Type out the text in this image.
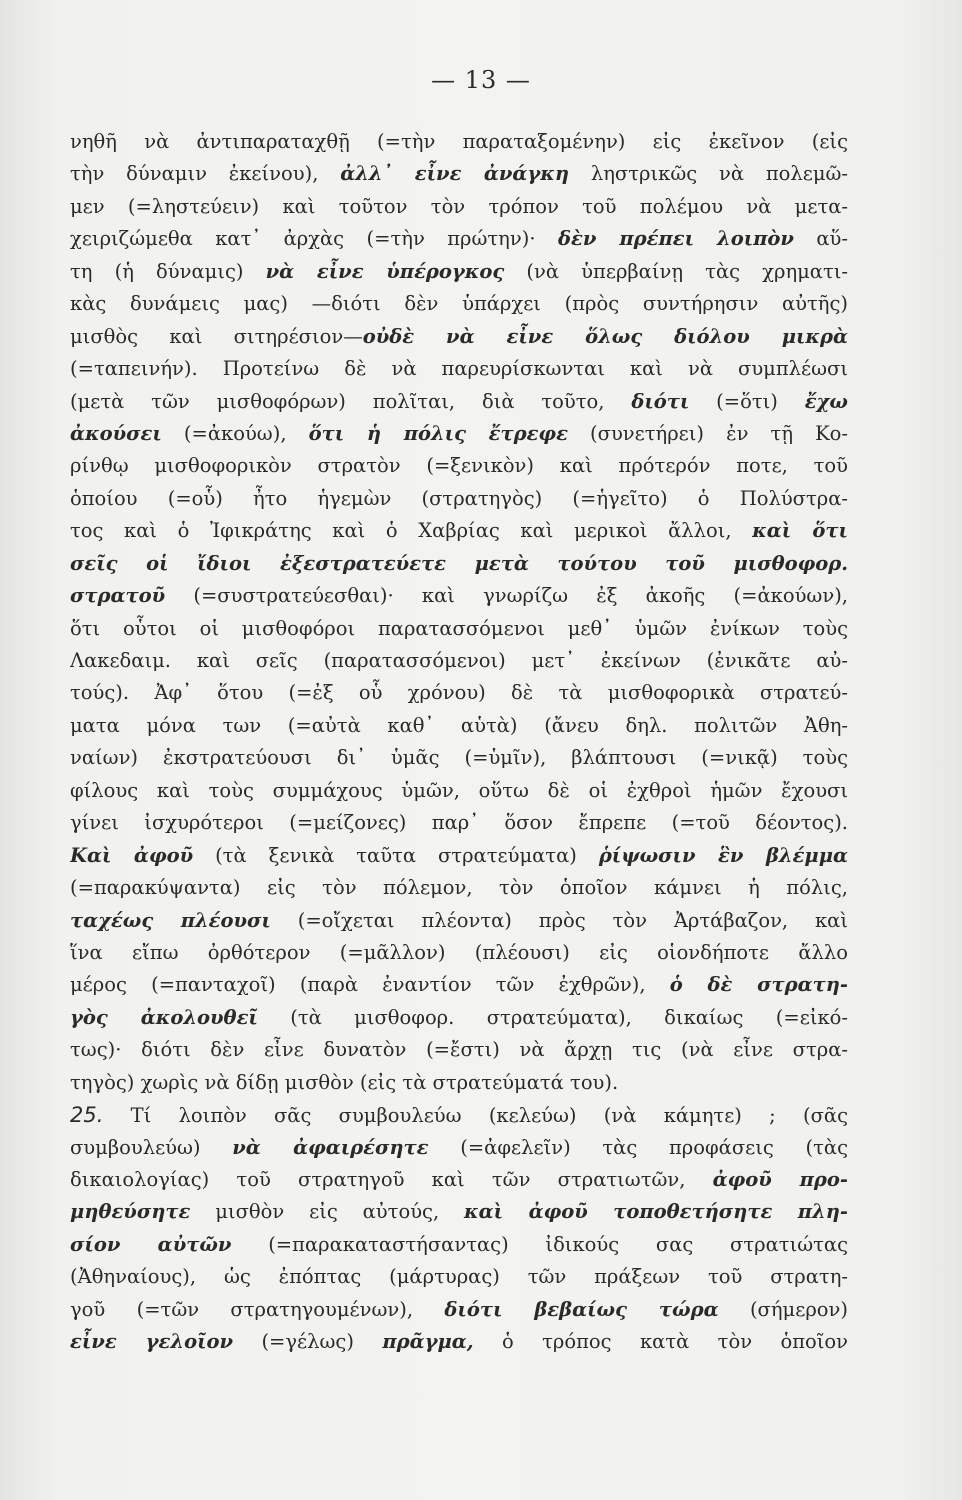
— 13 —
νηθῆ νὰ ἀντιπαραταχθῇ (=τὴν παραταξομένην) εἰς ἐκεῖνον (εἰς
τὴν δύναμιν ἐκείνου), ἀλλ᾽ εἶνε ἀνάγκη ληστρικῶς νὰ πολεμῶ-
μεν (=ληστεύειν) καὶ τοῦτον τὸν τρόπον τοῦ πολέμου νὰ μετα-
χειριζώμεθα κατ᾽ ἀρχὰς (=τὴν πρώτην)· δὲν πρέπει λοιπὸν αὕ-
τη (ἡ δύναμις) νὰ εἶνε ὑπέρογκος (νὰ ὑπερβαίνῃ τὰς χρηματι-
κὰς δυνάμεις μας) —διότι δὲν ὑπάρχει (πρὸς συντήρησιν αὐτῆς)
μισθὸς καὶ σιτηρέσιον—οὐδὲ νὰ εἶνε ὅλως διόλου μικρὰ
(=ταπεινήν). Προτείνω δὲ νὰ παρευρίσκωνται καὶ νὰ συμπλέωσι
(μετὰ τῶν μισθοφόρων) πολῖται, διὰ τοῦτο, διότι (=ὅτι) ἔχω
ἀκούσει (=ἀκούω), ὅτι ἡ πόλις ἔτρεφε (συνετήρει) ἐν τῇ Κο-
ρίνθῳ μισθοφορικὸν στρατὸν (=ξενικὸν) καὶ πρότερόν ποτε, τοῦ
ὁποίου (=οὗ) ἦτο ἡγεμὼν (στρατηγὸς) (=ἡγεῖτο) ὁ Πολύστρα-
τος καὶ ὁ Ἰφικράτης καὶ ὁ Χαβρίας καὶ μερικοὶ ἄλλοι, καὶ ὅτι
σεῖς οἱ ἴδιοι ἐξεστρατεύετε μετὰ τούτου τοῦ μισθοφορ.
στρατοῦ (=συστρατεύεσθαι)· καὶ γνωρίζω ἐξ ἀκοῆς (=ἀκούων),
ὅτι οὗτοι οἱ μισθοφόροι παρατασσόμενοι μεθ᾽ ὑμῶν ἐνίκων τοὺς
Λακεδαιμ. καὶ σεῖς (παρατασσόμενοι) μετ᾽ ἐκείνων (ἐνικᾶτε αὐ-
τούς). Ἀφ᾽ ὅτου (=ἐξ οὗ χρόνου) δὲ τὰ μισθοφορικὰ στρατεύ-
ματα μόνα των (=αὐτὰ καθ᾽ αὑτὰ) (ἄνευ δηλ. πολιτῶν Ἀθη-
ναίων) ἐκστρατεύουσι δι᾽ ὑμᾶς (=ὑμῖν), βλάπτουσι (=νικᾷ) τοὺς
φίλους καὶ τοὺς συμμάχους ὑμῶν, οὕτω δὲ οἱ ἐχθροὶ ἡμῶν ἔχουσι
γίνει ἰσχυρότεροι (=μείζονες) παρ᾽ ὅσον ἔπρεπε (=τοῦ δέοντος).
Καὶ ἀφοῦ (τὰ ξενικὰ ταῦτα στρατεύματα) ῥίψωσιν ἓν βλέμμα
(=παρακύψαντα) εἰς τὸν πόλεμον, τὸν ὁποῖον κάμνει ἡ πόλις,
ταχέως πλέουσι (=οἴχεται πλέοντα) πρὸς τὸν Ἀρτάβαζον, καὶ
ἵνα εἴπω ὀρθότερον (=μᾶλλον) (πλέουσι) εἰς οἱονδήποτε ἄλλο
μέρος (=πανταχοῖ) (παρὰ ἐναντίον τῶν ἐχθρῶν), ὁ δὲ στρατη-
γὸς ἀκολουθεῖ (τὰ μισθοφορ. στρατεύματα), δικαίως (=εἰκό-
τως)· διότι δὲν εἶνε δυνατὸν (=ἔστι) νὰ ἄρχῃ τις (νὰ εἶνε στρα-
τηγὸς) χωρὶς νὰ δίδῃ μισθὸν (εἰς τὰ στρατεύματά του).
25. Τί λοιπὸν σᾶς συμβουλεύω (κελεύω) (νὰ κάμητε) ; (σᾶς
συμβουλεύω) νὰ ἀφαιρέσητε (=ἀφελεῖν) τὰς προφάσεις (τὰς
δικαιολογίας) τοῦ στρατηγοῦ καὶ τῶν στρατιωτῶν, ἀφοῦ προ-
μηθεύσητε μισθὸν εἰς αὐτούς, καὶ ἀφοῦ τοποθετήσητε πλη-
σίον αὐτῶν (=παρακαταστήσαντας) ἰδικούς σας στρατιώτας
(Ἀθηναίους), ὡς ἐπόπτας (μάρτυρας) τῶν πράξεων τοῦ στρατη-
γοῦ (=τῶν στρατηγουμένων), διότι βεβαίως τώρα (σήμερον)
εἶνε γελοῖον (=γέλως) πρᾶγμα, ὁ τρόπος κατὰ τὸν ὁποῖον
